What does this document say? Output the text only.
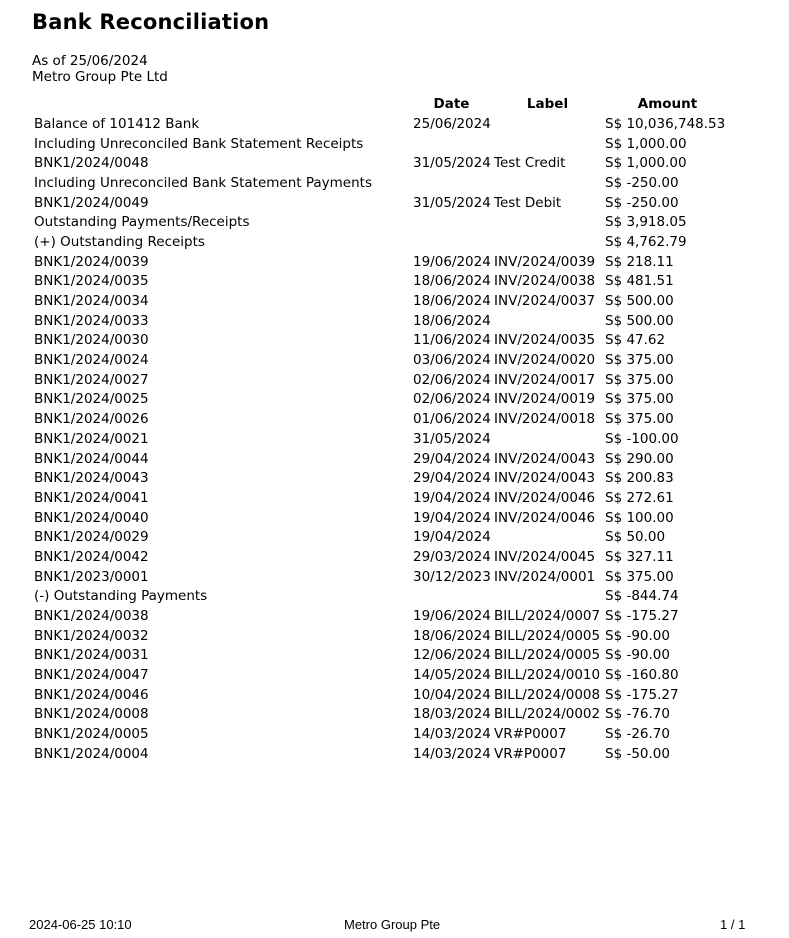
Bank Reconciliation
As of 25/06/2024
Metro Group Pte Ltd
	Date	Label	Amount
Balance of 101412 Bank	25/06/2024		S$ 10,036,748.53
Including Unreconciled Bank Statement Receipts			S$ 1,000.00
BNK1/2024/0048	31/05/2024	Test Credit	S$ 1,000.00
Including Unreconciled Bank Statement Payments			S$ -250.00
BNK1/2024/0049	31/05/2024	Test Debit	S$ -250.00
Outstanding Payments/Receipts			S$ 3,918.05
(+) Outstanding Receipts			S$ 4,762.79
BNK1/2024/0039	19/06/2024	INV/2024/0039	S$ 218.11
BNK1/2024/0035	18/06/2024	INV/2024/0038	S$ 481.51
BNK1/2024/0034	18/06/2024	INV/2024/0037	S$ 500.00
BNK1/2024/0033	18/06/2024		S$ 500.00
BNK1/2024/0030	11/06/2024	INV/2024/0035	S$ 47.62
BNK1/2024/0024	03/06/2024	INV/2024/0020	S$ 375.00
BNK1/2024/0027	02/06/2024	INV/2024/0017	S$ 375.00
BNK1/2024/0025	02/06/2024	INV/2024/0019	S$ 375.00
BNK1/2024/0026	01/06/2024	INV/2024/0018	S$ 375.00
BNK1/2024/0021	31/05/2024		S$ -100.00
BNK1/2024/0044	29/04/2024	INV/2024/0043	S$ 290.00
BNK1/2024/0043	29/04/2024	INV/2024/0043	S$ 200.83
BNK1/2024/0041	19/04/2024	INV/2024/0046	S$ 272.61
BNK1/2024/0040	19/04/2024	INV/2024/0046	S$ 100.00
BNK1/2024/0029	19/04/2024		S$ 50.00
BNK1/2024/0042	29/03/2024	INV/2024/0045	S$ 327.11
BNK1/2023/0001	30/12/2023	INV/2024/0001	S$ 375.00
(-) Outstanding Payments			S$ -844.74
BNK1/2024/0038	19/06/2024	BILL/2024/0007	S$ -175.27
BNK1/2024/0032	18/06/2024	BILL/2024/0005	S$ -90.00
BNK1/2024/0031	12/06/2024	BILL/2024/0005	S$ -90.00
BNK1/2024/0047	14/05/2024	BILL/2024/0010	S$ -160.80
BNK1/2024/0046	10/04/2024	BILL/2024/0008	S$ -175.27
BNK1/2024/0008	18/03/2024	BILL/2024/0002	S$ -76.70
BNK1/2024/0005	14/03/2024	VR#P0007	S$ -26.70
BNK1/2024/0004	14/03/2024	VR#P0007	S$ -50.00
2024-06-25 10:10	Metro Group Pte	1 / 1
